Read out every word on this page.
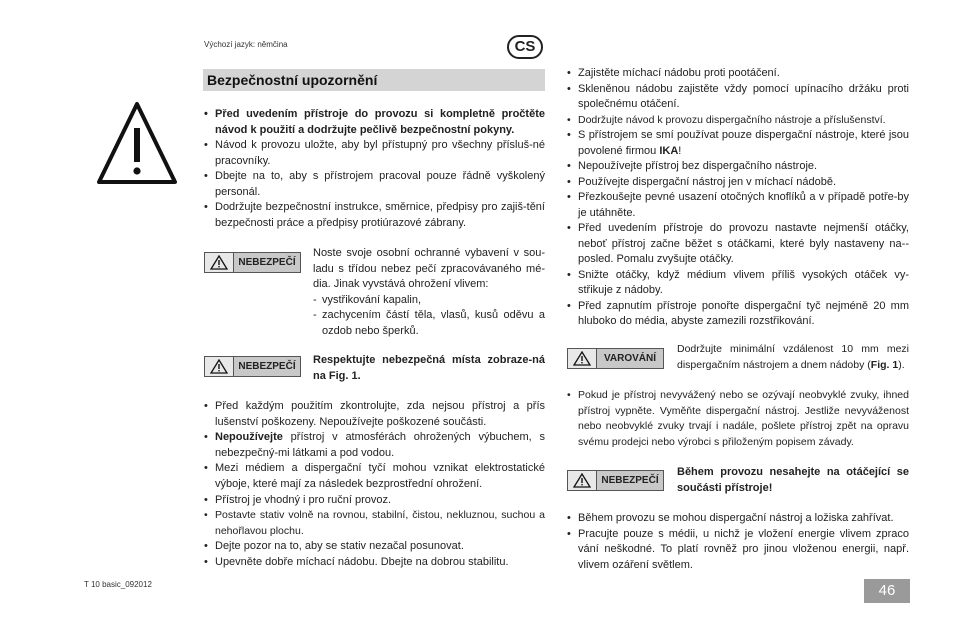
Výchozí jazyk: němčina	CS
Bezpečnostní upozornění
• Před uvedením přístroje do provozu si kompletně pročtěte návod k použití a dodržujte pečlivě bezpečnostní pokyny.
• Návod k provozu uložte, aby byl přístupný pro všechny přísluš-né pracovníky.
• Dbejte na to, aby s přístrojem pracoval pouze řádně vyškolený personál.
• Dodržujte bezpečnostní instrukce, směrnice, předpisy pro zajiš-tění bezpečnosti práce a předpisy protiúrazové zábrany.
NEBEZPEČÍ
Noste svoje osobní ochranné vybavení v sou-ladu s třídou nebez pečí zpracovávaného mé-dia. Jinak vyvstává ohrožení vlivem:
- vystřikování kapalin,
- zachycením částí těla, vlasů, kusů oděvu a ozdob nebo šperků.
NEBEZPEČÍ
Respektujte nebezpečná místa zobraze-ná na Fig. 1.
• Před každým použitím zkontrolujte, zda nejsou přístroj a přís lušenství poškozeny. Nepoužívejte poškozené součásti.
• Nepoužívejte přístroj v atmosférách ohrožených výbuchem, s nebezpečný-mi látkami a pod vodou.
• Mezi médiem a dispergační tyčí mohou vznikat elektrostatické výboje, které mají za následek bezprostřední ohrožení.
• Přístroj je vhodný i pro ruční provoz.
• Postavte stativ volně na rovnou, stabilní, čistou, nekluznou, suchou a nehořlavou plochu.
• Dejte pozor na to, aby se stativ nezačal posunovat.
• Upevněte dobře míchací nádobu. Dbejte na dobrou stabilitu.
• Zajistěte míchací nádobu proti pootáčení.
• Skleněnou nádobu zajistěte vždy pomocí upínacího držáku proti společnému otáčení.
• Dodržujte návod k provozu dispergačního nástroje a příslušenství.
• S přístrojem se smí používat pouze dispergační nástroje, které jsou povolené firmou IKA!
• Nepoužívejte přístroj bez dispergačního nástroje.
• Používejte dispergační nástroj jen v míchací nádobě.
• Přezkoušejte pevné usazení otočných knoflíků a v případě potře-by je utáhněte.
• Před uvedením přístroje do provozu nastavte nejmenší otáčky, neboť přístroj začne běžet s otáčkami, které byly nastaveny na--posled. Pomalu zvyšujte otáčky.
• Snižte otáčky, když médium vlivem příliš vysokých otáček vy-střikuje z nádoby.
• Před zapnutím přístroje ponořte dispergační tyč nejméně 20 mm hluboko do média, abyste zamezili rozstřikování.
VAROVÁNÍ
Dodržujte minimální vzdálenost 10 mm mezi dispergačním nástrojem a dnem nádoby (Fig. 1).
• Pokud je přístroj nevyvážený nebo se ozývají neobvyklé zvuky, ihned přístroj vypněte. Vyměňte dispergační nástroj. Jestliže nevyváženost nebo neobvyklé zvuky trvají i nadále, pošlete přístroj zpět na opravu svému prodejci nebo výrobci s přiloženým popisem závady.
NEBEZPEČÍ
Během provozu nesahejte na otáčející se součásti přístroje!
• Během provozu se mohou dispergační nástroj a ložiska zahřívat.
• Pracujte pouze s médii, u nichž je vložení energie vlivem zpraco vání neškodné. To platí rovněž pro jinou vloženou energii, např. vlivem ozáření světlem.
T 10 basic_092012	46
